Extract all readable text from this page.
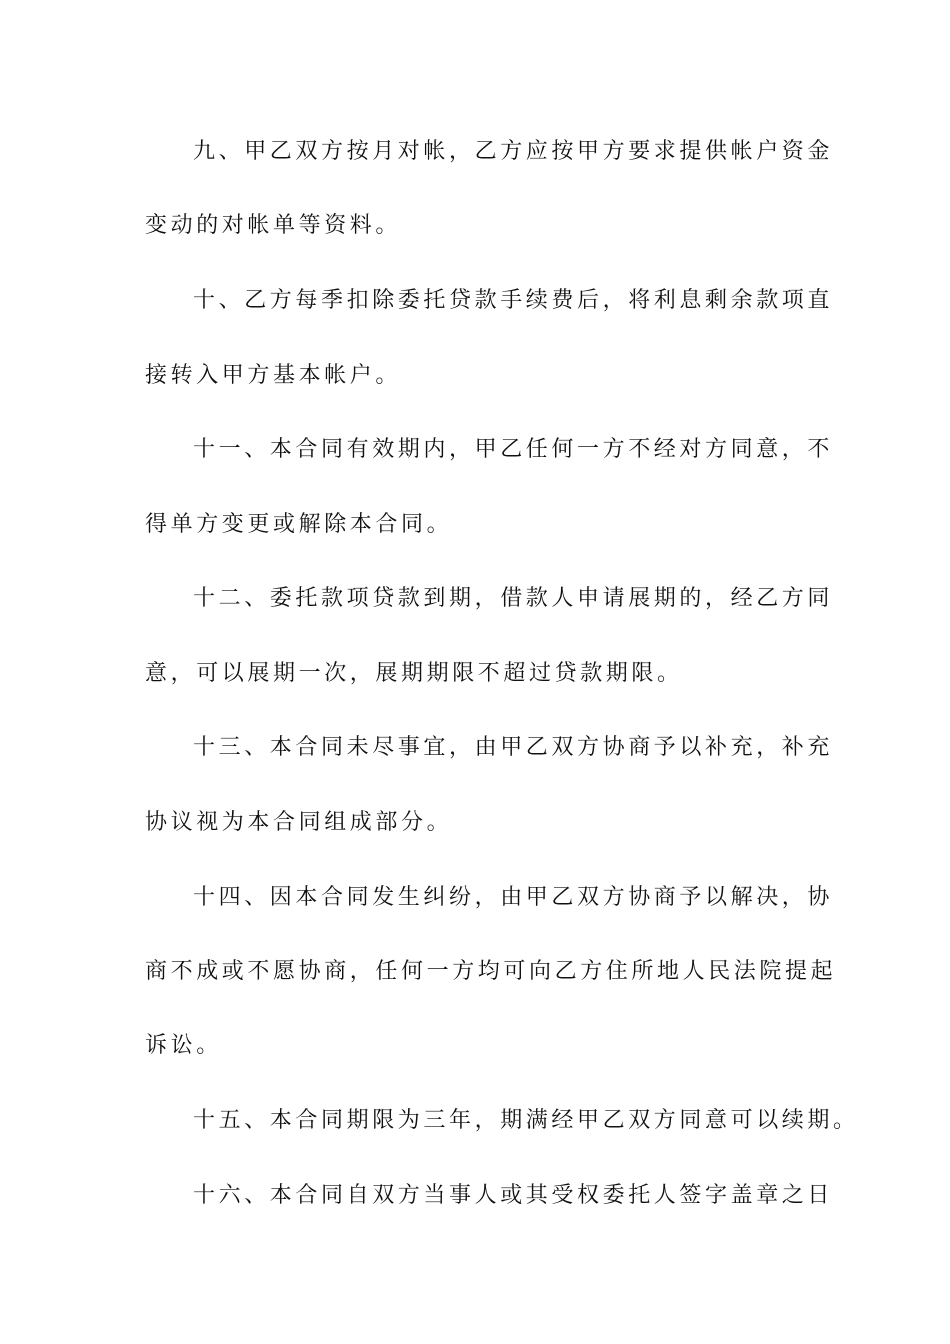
九、甲乙双方按月对帐，乙方应按甲方要求提供帐户资金
变动的对帐单等资料。
十、乙方每季扣除委托贷款手续费后，将利息剩余款项直
接转入甲方基本帐户。
十一、本合同有效期内，甲乙任何一方不经对方同意，不
得单方变更或解除本合同。
十二、委托款项贷款到期，借款人申请展期的，经乙方同
意，可以展期一次，展期期限不超过贷款期限。
十三、本合同未尽事宜，由甲乙双方协商予以补充，补充
协议视为本合同组成部分。
十四、因本合同发生纠纷，由甲乙双方协商予以解决，协
商不成或不愿协商，任何一方均可向乙方住所地人民法院提起
诉讼。
十五、本合同期限为三年，期满经甲乙双方同意可以续期。
十六、本合同自双方当事人或其受权委托人签字盖章之日
